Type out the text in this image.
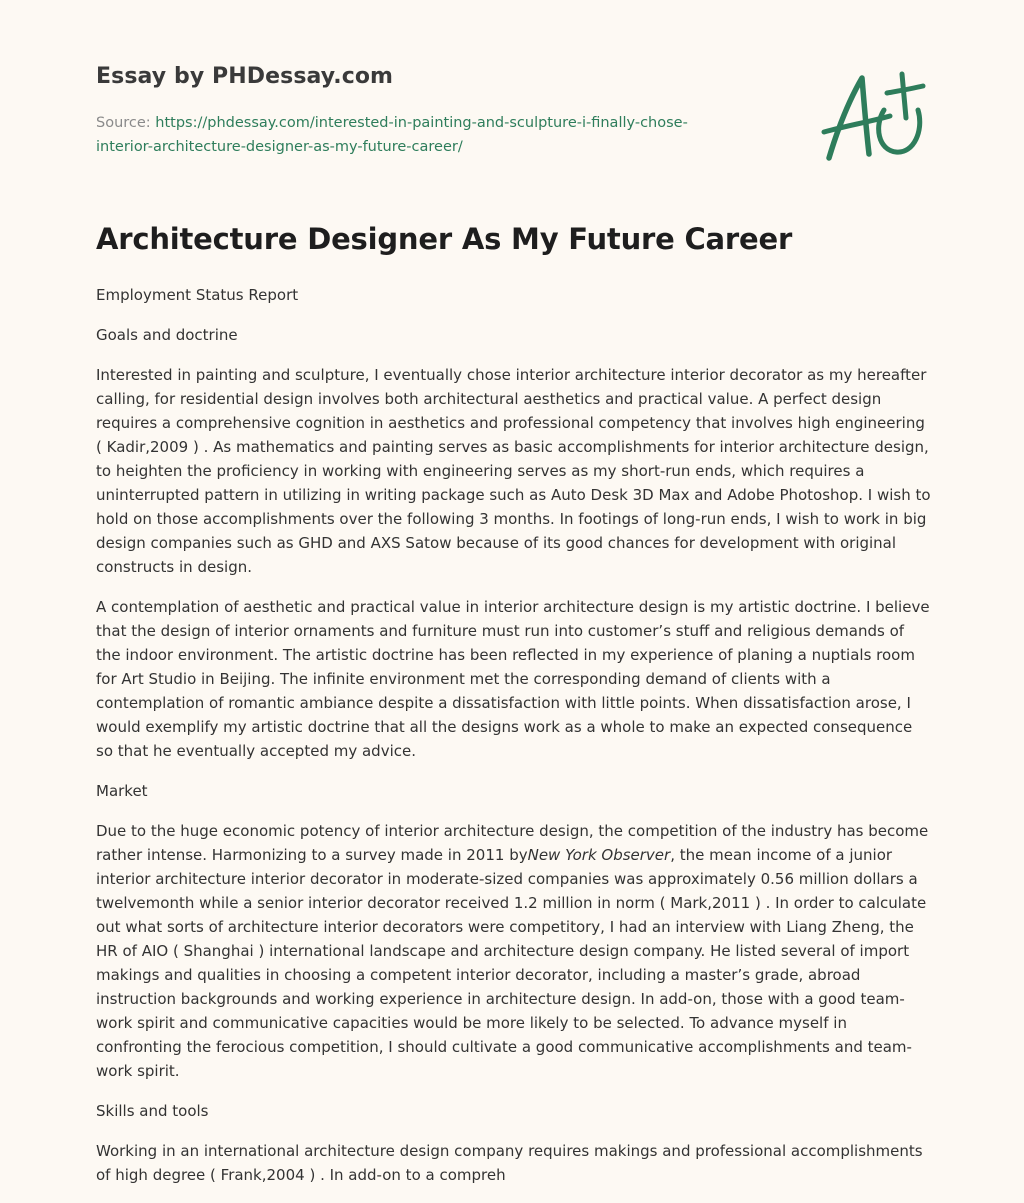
Essay by PHDessay.com
Source: https://phdessay.com/interested-in-painting-and-sculpture-i-finally-chose-interior-architecture-designer-as-my-future-career/
Architecture Designer As My Future Career

Employment Status Report

Goals and doctrine

Interested in painting and sculpture, I eventually chose interior architecture interior decorator as my hereafter calling, for residential design involves both architectural aesthetics and practical value. A perfect design requires a comprehensive cognition in aesthetics and professional competency that involves high engineering ( Kadir,2009 ) . As mathematics and painting serves as basic accomplishments for interior architecture design, to heighten the proficiency in working with engineering serves as my short-run ends, which requires a uninterrupted pattern in utilizing in writing package such as Auto Desk 3D Max and Adobe Photoshop. I wish to hold on those accomplishments over the following 3 months. In footings of long-run ends, I wish to work in big design companies such as GHD and AXS Satow because of its good chances for development with original constructs in design.

A contemplation of aesthetic and practical value in interior architecture design is my artistic doctrine. I believe that the design of interior ornaments and furniture must run into customer’s stuff and religious demands of the indoor environment. The artistic doctrine has been reflected in my experience of planing a nuptials room for Art Studio in Beijing. The infinite environment met the corresponding demand of clients with a contemplation of romantic ambiance despite a dissatisfaction with little points. When dissatisfaction arose, I would exemplify my artistic doctrine that all the designs work as a whole to make an expected consequence so that he eventually accepted my advice.

Market

Due to the huge economic potency of interior architecture design, the competition of the industry has become rather intense. Harmonizing to a survey made in 2011 byNew York Observer, the mean income of a junior interior architecture interior decorator in moderate-sized companies was approximately 0.56 million dollars a twelvemonth while a senior interior decorator received 1.2 million in norm ( Mark,2011 ) . In order to calculate out what sorts of architecture interior decorators were competitory, I had an interview with Liang Zheng, the HR of AIO ( Shanghai ) international landscape and architecture design company. He listed several of import makings and qualities in choosing a competent interior decorator, including a master’s grade, abroad instruction backgrounds and working experience in architecture design. In add-on, those with a good team-work spirit and communicative capacities would be more likely to be selected. To advance myself in confronting the ferocious competition, I should cultivate a good communicative accomplishments and team-work spirit.

Skills and tools

Working in an international architecture design company requires makings and professional accomplishments of high degree ( Frank,2004 ) . In add-on to a compreh
